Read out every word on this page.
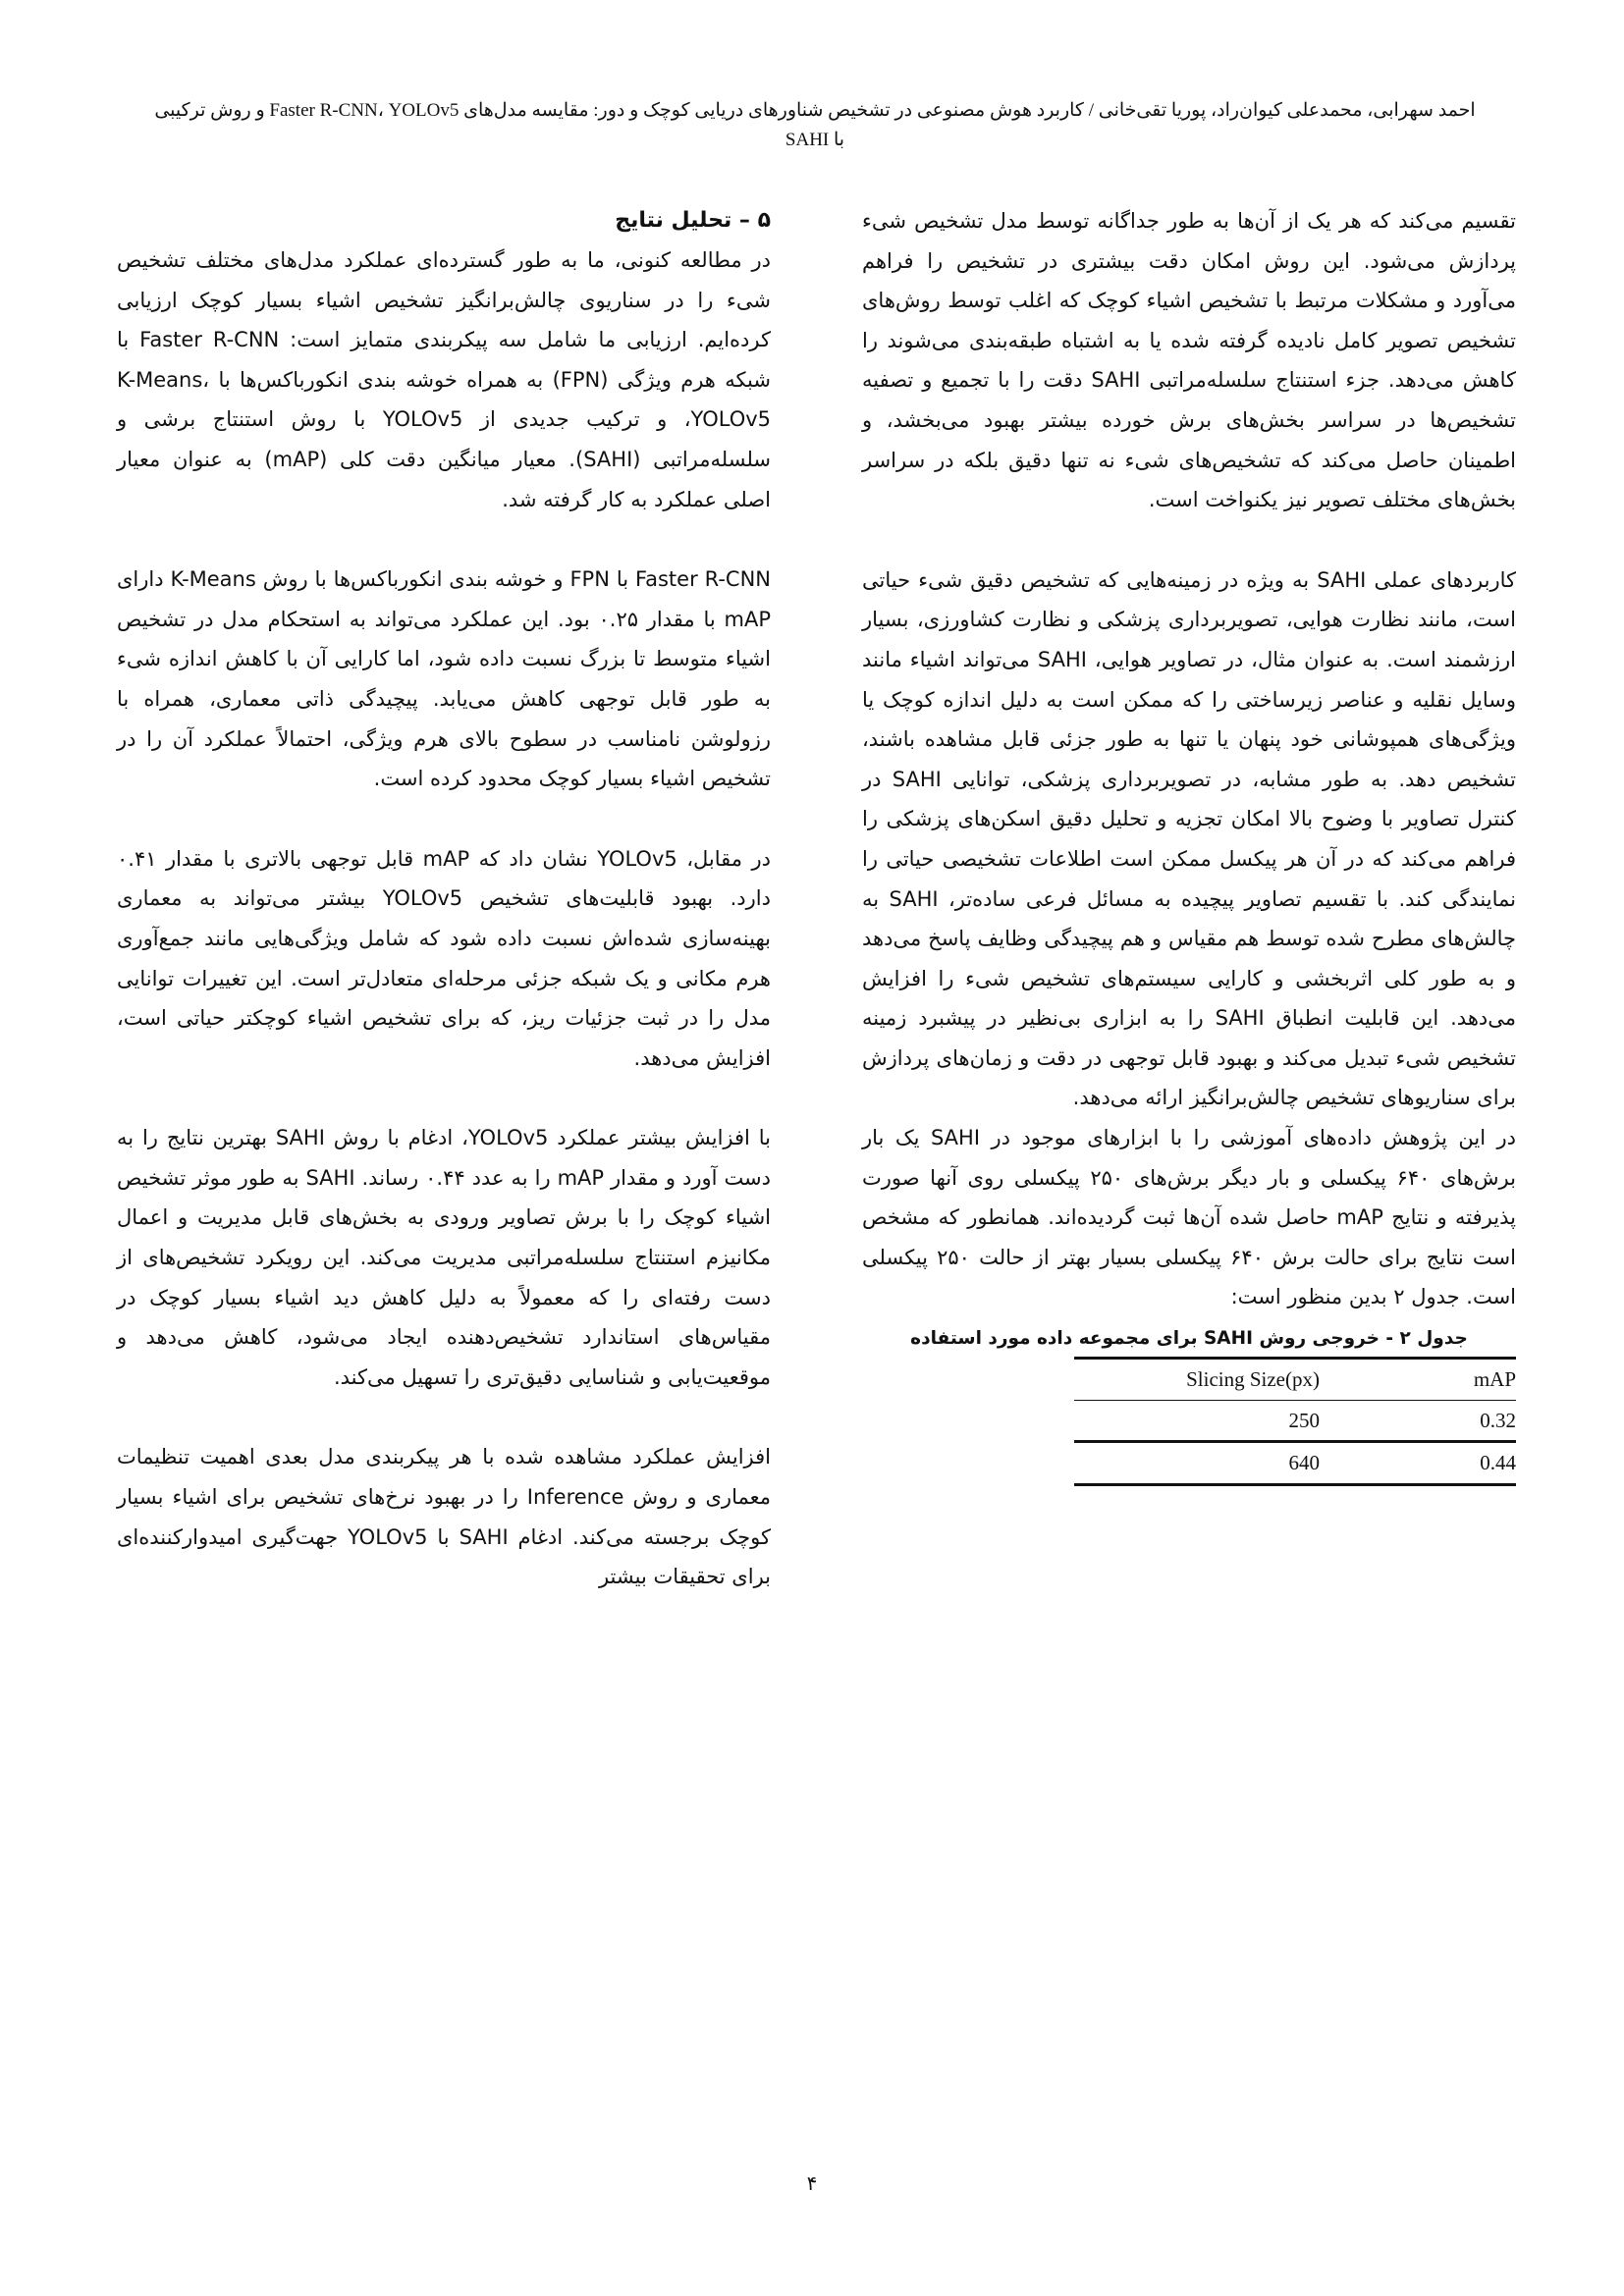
احمد سهرابی، محمدعلی کیوان‌راد، پوریا تقی‌خانی / کاربرد هوش مصنوعی در تشخیص شناورهای دریایی کوچک و دور: مقایسه مدل‌های Faster R-CNN، YOLOv5 و روش ترکیبی
با SAHI

تقسیم می‌کند که هر یک از آن‌ها به طور جداگانه توسط مدل تشخیص شیء پردازش می‌شود. این روش امکان دقت بیشتری در تشخیص را فراهم می‌آورد و مشکلات مرتبط با تشخیص اشیاء کوچک که اغلب توسط روش‌های تشخیص تصویر کامل نادیده گرفته شده یا به اشتباه طبقه‌بندی می‌شوند را کاهش می‌دهد. جزء استنتاج سلسله‌مراتبی SAHI دقت را با تجمیع و تصفیه تشخیص‌ها در سراسر بخش‌های برش خورده بیشتر بهبود می‌بخشد، و اطمینان حاصل می‌کند که تشخیص‌های شیء نه تنها دقیق بلکه در سراسر بخش‌های مختلف تصویر نیز یکنواخت است.

کاربردهای عملی SAHI به ویژه در زمینه‌هایی که تشخیص دقیق شیء حیاتی است، مانند نظارت هوایی، تصویربرداری پزشکی و نظارت کشاورزی، بسیار ارزشمند است. به عنوان مثال، در تصاویر هوایی، SAHI می‌تواند اشیاء مانند وسایل نقلیه و عناصر زیرساختی را که ممکن است به دلیل اندازه کوچک یا ویژگی‌های همپوشانی خود پنهان یا تنها به طور جزئی قابل مشاهده باشند، تشخیص دهد. به طور مشابه، در تصویربرداری پزشکی، توانایی SAHI در کنترل تصاویر با وضوح بالا امکان تجزیه و تحلیل دقیق اسکن‌های پزشکی را فراهم می‌کند که در آن هر پیکسل ممکن است اطلاعات تشخیصی حیاتی را نمایندگی کند. با تقسیم تصاویر پیچیده به مسائل فرعی ساده‌تر، SAHI به چالش‌های مطرح شده توسط هم مقیاس و هم پیچیدگی وظایف پاسخ می‌دهد و به طور کلی اثربخشی و کارایی سیستم‌های تشخیص شیء را افزایش می‌دهد. این قابلیت انطباق SAHI را به ابزاری بی‌نظیر در پیشبرد زمینه تشخیص شیء تبدیل می‌کند و بهبود قابل توجهی در دقت و زمان‌های پردازش برای سناریوهای تشخیص چالش‌برانگیز ارائه می‌دهد.

در این پژوهش داده‌های آموزشی را با ابزارهای موجود در SAHI یک بار برش‌های ۶۴۰ پیکسلی و بار دیگر برش‌های ۲۵۰ پیکسلی روی آنها صورت پذیرفته و نتایج mAP حاصل شده آن‌ها ثبت گردیده‌اند. همانطور که مشخص است نتایج برای حالت برش ۶۴۰ پیکسلی بسیار بهتر از حالت ۲۵۰ پیکسلی است. جدول ۲ بدین منظور است:

جدول ۲ - خروجی روش SAHI برای مجموعه داده مورد استفاده

Slicing Size(px)	mAP
250	0.32
640	0.44
۵ – تحلیل نتایج

در مطالعه کنونی، ما به طور گسترده‌ای عملکرد مدل‌های مختلف تشخیص شیء را در سناریوی چالش‌برانگیز تشخیص اشیاء بسیار کوچک ارزیابی کرده‌ایم. ارزیابی ما شامل سه پیکربندی متمایز است: Faster R-CNN با شبکه هرم ویژگی (FPN) به همراه خوشه بندی انکورباکس‌ها با K-Means، YOLOv5، و ترکیب جدیدی از YOLOv5 با روش استنتاج برشی و سلسله‌مراتبی (SAHI). معیار میانگین دقت کلی (mAP) به عنوان معیار اصلی عملکرد به کار گرفته شد.

Faster R-CNN با FPN و خوشه بندی انکورباکس‌ها با روش K-Means دارای mAP با مقدار ۰.۲۵ بود. این عملکرد می‌تواند به استحکام مدل در تشخیص اشیاء متوسط تا بزرگ نسبت داده شود، اما کارایی آن با کاهش اندازه شیء به طور قابل توجهی کاهش می‌یابد. پیچیدگی ذاتی معماری، همراه با رزولوشن نامناسب در سطوح بالای هرم ویژگی، احتمالاً عملکرد آن را در تشخیص اشیاء بسیار کوچک محدود کرده است.

در مقابل، YOLOv5 نشان داد که mAP قابل توجهی بالاتری با مقدار ۰.۴۱ دارد. بهبود قابلیت‌های تشخیص YOLOv5 بیشتر می‌تواند به معماری بهینه‌سازی شده‌اش نسبت داده شود که شامل ویژگی‌هایی مانند جمع‌آوری هرم مکانی و یک شبکه جزئی مرحله‌ای متعادل‌تر است. این تغییرات توانایی مدل را در ثبت جزئیات ریز، که برای تشخیص اشیاء کوچکتر حیاتی است، افزایش می‌دهد.

با افزایش بیشتر عملکرد YOLOv5، ادغام با روش SAHI بهترین نتایج را به دست آورد و مقدار mAP را به عدد ۰.۴۴ رساند. SAHI به طور موثر تشخیص اشیاء کوچک را با برش تصاویر ورودی به بخش‌های قابل مدیریت و اعمال مکانیزم استنتاج سلسله‌مراتبی مدیریت می‌کند. این رویکرد تشخیص‌های از دست رفته‌ای را که معمولاً به دلیل کاهش دید اشیاء بسیار کوچک در مقیاس‌های استاندارد تشخیص‌دهنده ایجاد می‌شود، کاهش می‌دهد و موقعیت‌یابی و شناسایی دقیق‌تری را تسهیل می‌کند.

افزایش عملکرد مشاهده شده با هر پیکربندی مدل بعدی اهمیت تنظیمات معماری و روش Inference را در بهبود نرخ‌های تشخیص برای اشیاء بسیار کوچک برجسته می‌کند. ادغام SAHI با YOLOv5 جهت‌گیری امیدوارکننده‌ای برای تحقیقات بیشتر

۴
